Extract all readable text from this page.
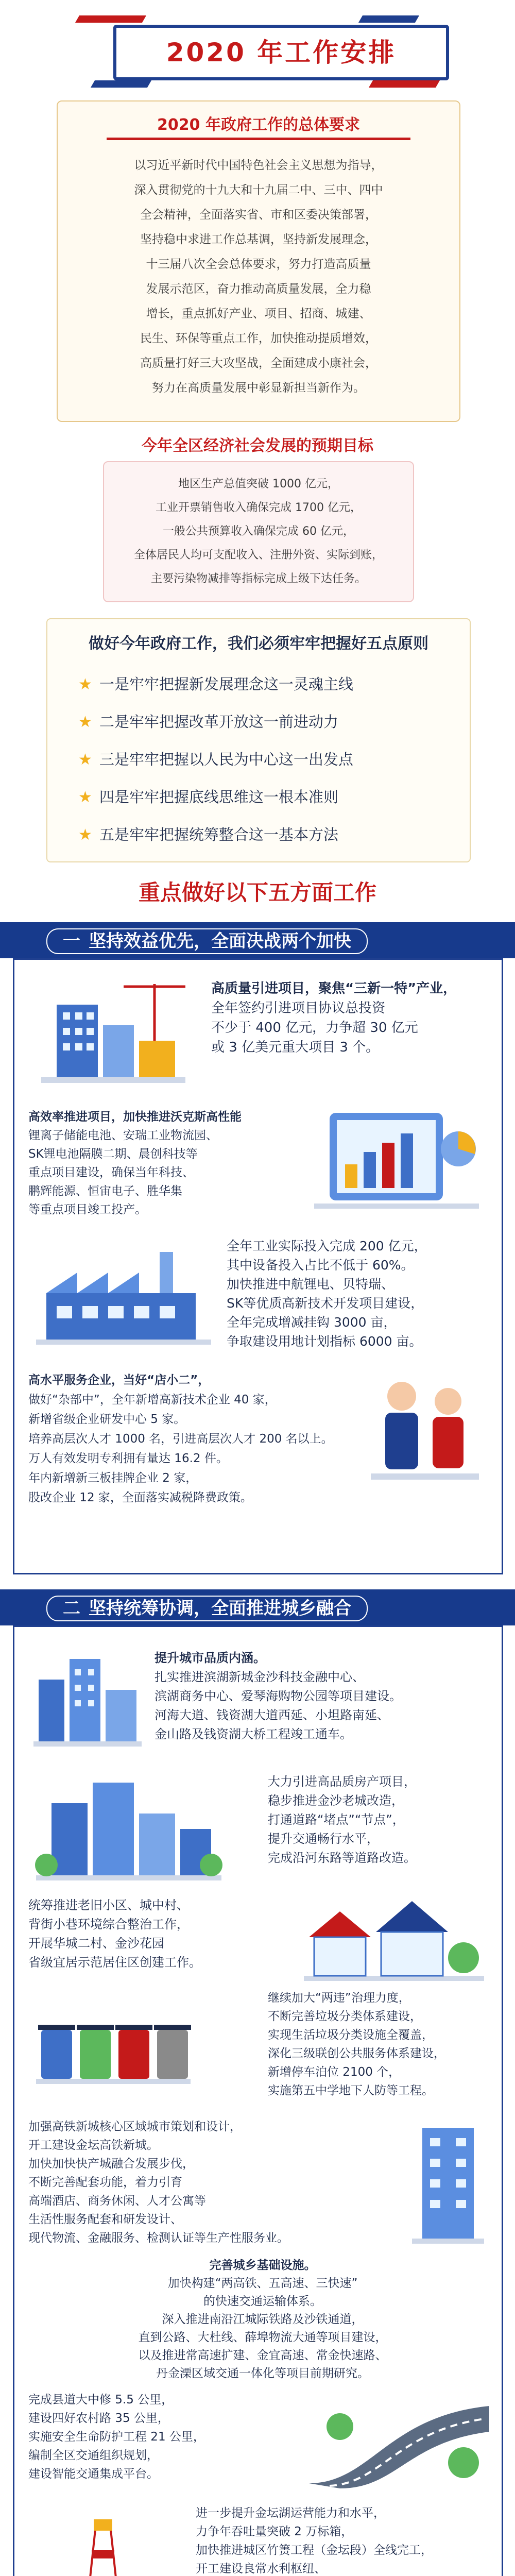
2020 年工作安排
2020 年政府工作的总体要求
以习近平新时代中国特色社会主义思想为指导，
深入贯彻党的十九大和十九届二中、三中、四中
全会精神，全面落实省、市和区委决策部署，
坚持稳中求进工作总基调，坚持新发展理念，
十三届八次全会总体要求，努力打造高质量
发展示范区，奋力推动高质量发展，全力稳
增长，重点抓好产业、项目、招商、城建、
民生、环保等重点工作，加快推动提质增效，
高质量打好三大攻坚战，全面建成小康社会，
努力在高质量发展中彰显新担当新作为。
今年全区经济社会发展的预期目标
地区生产总值突破 1000 亿元，
工业开票销售收入确保完成 1700 亿元，
一般公共预算收入确保完成 60 亿元，
全体居民人均可支配收入、注册外资、实际到账，
主要污染物减排等指标完成上级下达任务。
做好今年政府工作，我们必须牢牢把握好五点原则
★ 一是牢牢把握新发展理念这一灵魂主线
★ 二是牢牢把握改革开放这一前进动力
★ 三是牢牢把握以人民为中心这一出发点
★ 四是牢牢把握底线思维这一根本准则
★ 五是牢牢把握统筹整合这一基本方法
重点做好以下五方面工作
一 坚持效益优先，全面决战两个加快
高质量引进项目，聚焦“三新一特”产业，
全年签约引进项目协议总投资
不少于 400 亿元，力争超 30 亿元
或 3 亿美元重大项目 3 个。
高效率推进项目，加快推进沃克斯高性能
锂离子储能电池、安瑞工业物流园、
SK锂电池隔膜二期、晨创科技等
重点项目建设，确保当年科技、
鹏辉能源、恒宙电子、胜华集
等重点项目竣工投产。
全年工业实际投入完成 200 亿元，
其中设备投入占比不低于 60%。
加快推进中航锂电、贝特瑞、
SK等优质高新技术开发项目建设，
全年完成增减挂钩 3000 亩，
争取建设用地计划指标 6000 亩。
高水平服务企业，当好“店小二”，
做好“杂部中”，全年新增高新技术企业 40 家，
新增省级企业研发中心 5 家。
培养高层次人才 1000 名，引进高层次人才 200 名以上。
万人有效发明专利拥有量达 16.2 件。
年内新增新三板挂牌企业 2 家，
股改企业 12 家，全面落实减税降费政策。
二 坚持统筹协调，全面推进城乡融合
提升城市品质内涵。
扎实推进滨湖新城金沙科技金融中心、
滨湖商务中心、爱琴海购物公园等项目建设。
河海大道、钱资湖大道西延、小坦路南延、
金山路及钱资湖大桥工程竣工通车。
大力引进高品质房产项目，
稳步推进金沙老城改造，
打通道路“堵点”“节点”，
提升交通畅行水平，
完成沿河东路等道路改造。
统筹推进老旧小区、城中村、
背街小巷环境综合整治工作，
开展华城二村、金沙花园
省级宜居示范居住区创建工作。
继续加大“两违”治理力度，
不断完善垃圾分类体系建设，
实现生活垃圾分类设施全覆盖，
深化三级联创公共服务体系建设，
新增停车泊位 2100 个，
实施第五中学地下人防等工程。
加强高铁新城核心区域城市策划和设计，
开工建设金坛高铁新城。
加快加快快产城融合发展步伐，
不断完善配套功能，着力引育
高端酒店、商务休闲、人才公寓等
生活性服务配套和研发设计、
现代物流、金融服务、检测认证等生产性服务业。
完善城乡基础设施。
加快构建“两高铁、五高速、三快速”
的快速交通运输体系。
深入推进南沿江城际铁路及沙铁通道，
直到公路、大杜线、薛埠物流大通等项目建设，
以及推进常高速扩建、金宜高速、常金快速路、
丹金溧区域交通一体化等项目前期研究。
完成县道大中修 5.5 公里，
建设四好农村路 35 公里，
实施安全生命防护工程 21 公里，
编制全区交通组织规划，
建设智能交通集成平台。
进一步提升金坛湖运营能力和水平，
力争年吞吐量突破 2 万标箱，
加快推进城区竹箦工程（金坛段）全线完工，
开工建设良常水利枢纽、
